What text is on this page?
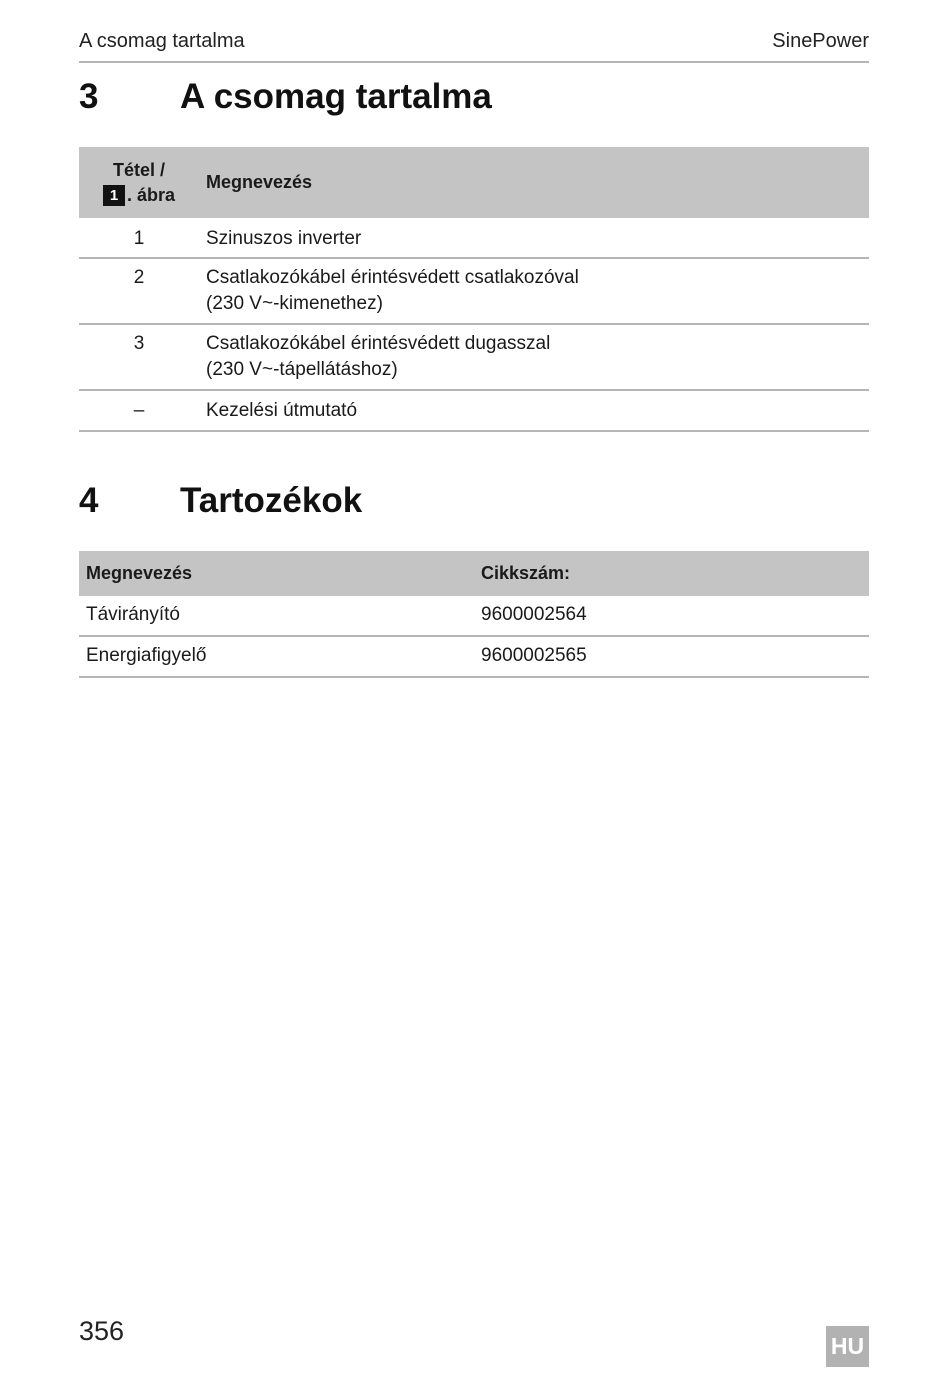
A csomag tartalma	SinePower
3 A csomag tartalma
Tétel /
1 . ábra	Megnevezés
1	Szinuszos inverter

2	Csatlakozókábel érintésvédett csatlakozóval
(230 V~-kimenethez)

3	Csatlakozókábel érintésvédett dugasszal
(230 V~-tápellátáshoz)

–	Kezelési útmutató
4 Tartozékok
Megnevezés	Cikkszám:
Távirányító	9600002564
Energiafigyelő	9600002565
356	HU
